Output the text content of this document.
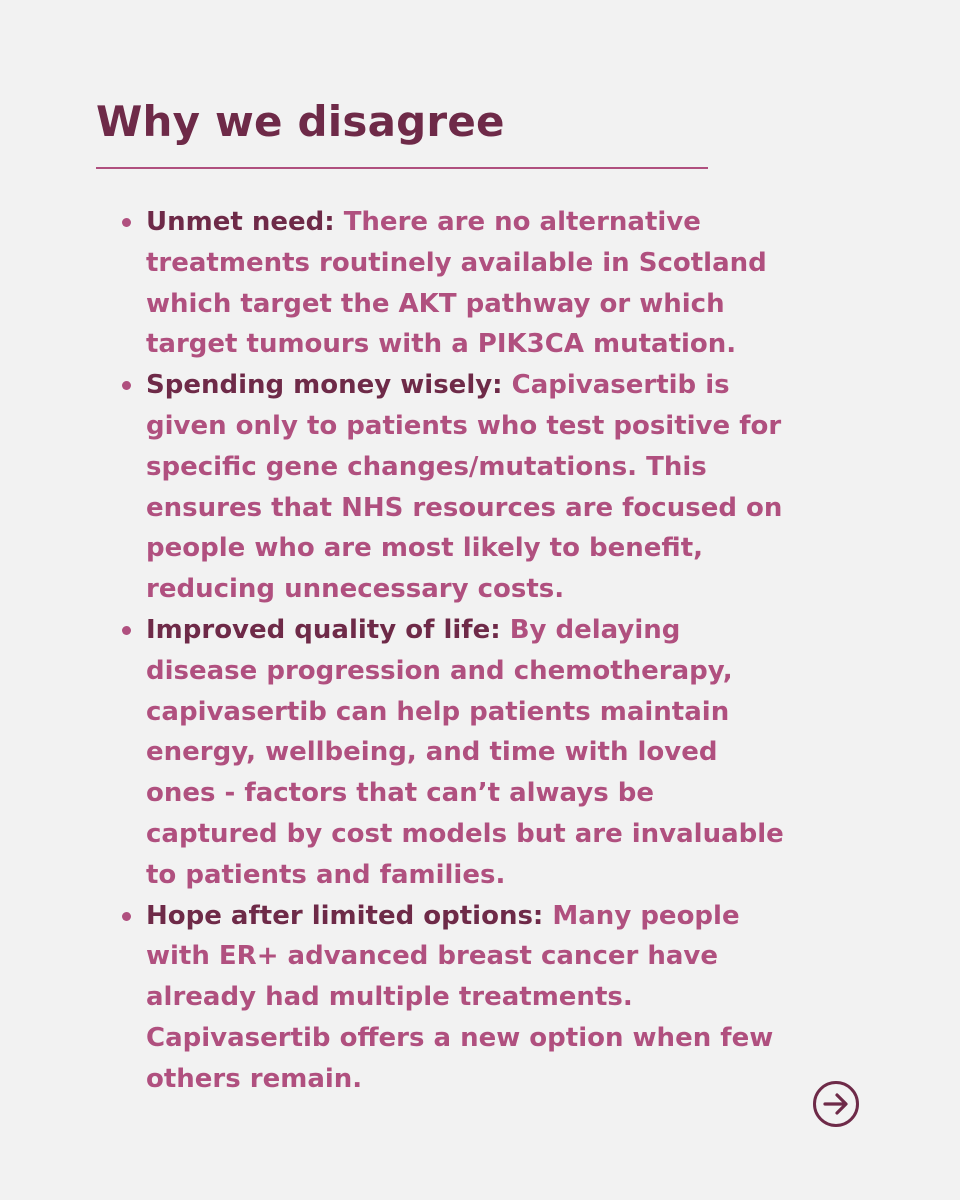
Why we disagree
Unmet need: There are no alternative
treatments routinely available in Scotland
which target the AKT pathway or which
target tumours with a PIK3CA mutation.
Spending money wisely: Capivasertib is
given only to patients who test positive for
specific gene changes/mutations. This
ensures that NHS resources are focused on
people who are most likely to benefit,
reducing unnecessary costs.
Improved quality of life: By delaying
disease progression and chemotherapy,
capivasertib can help patients maintain
energy, wellbeing, and time with loved
ones - factors that can’t always be
captured by cost models but are invaluable
to patients and families.
Hope after limited options: Many people
with ER+ advanced breast cancer have
already had multiple treatments.
Capivasertib offers a new option when few
others remain.
